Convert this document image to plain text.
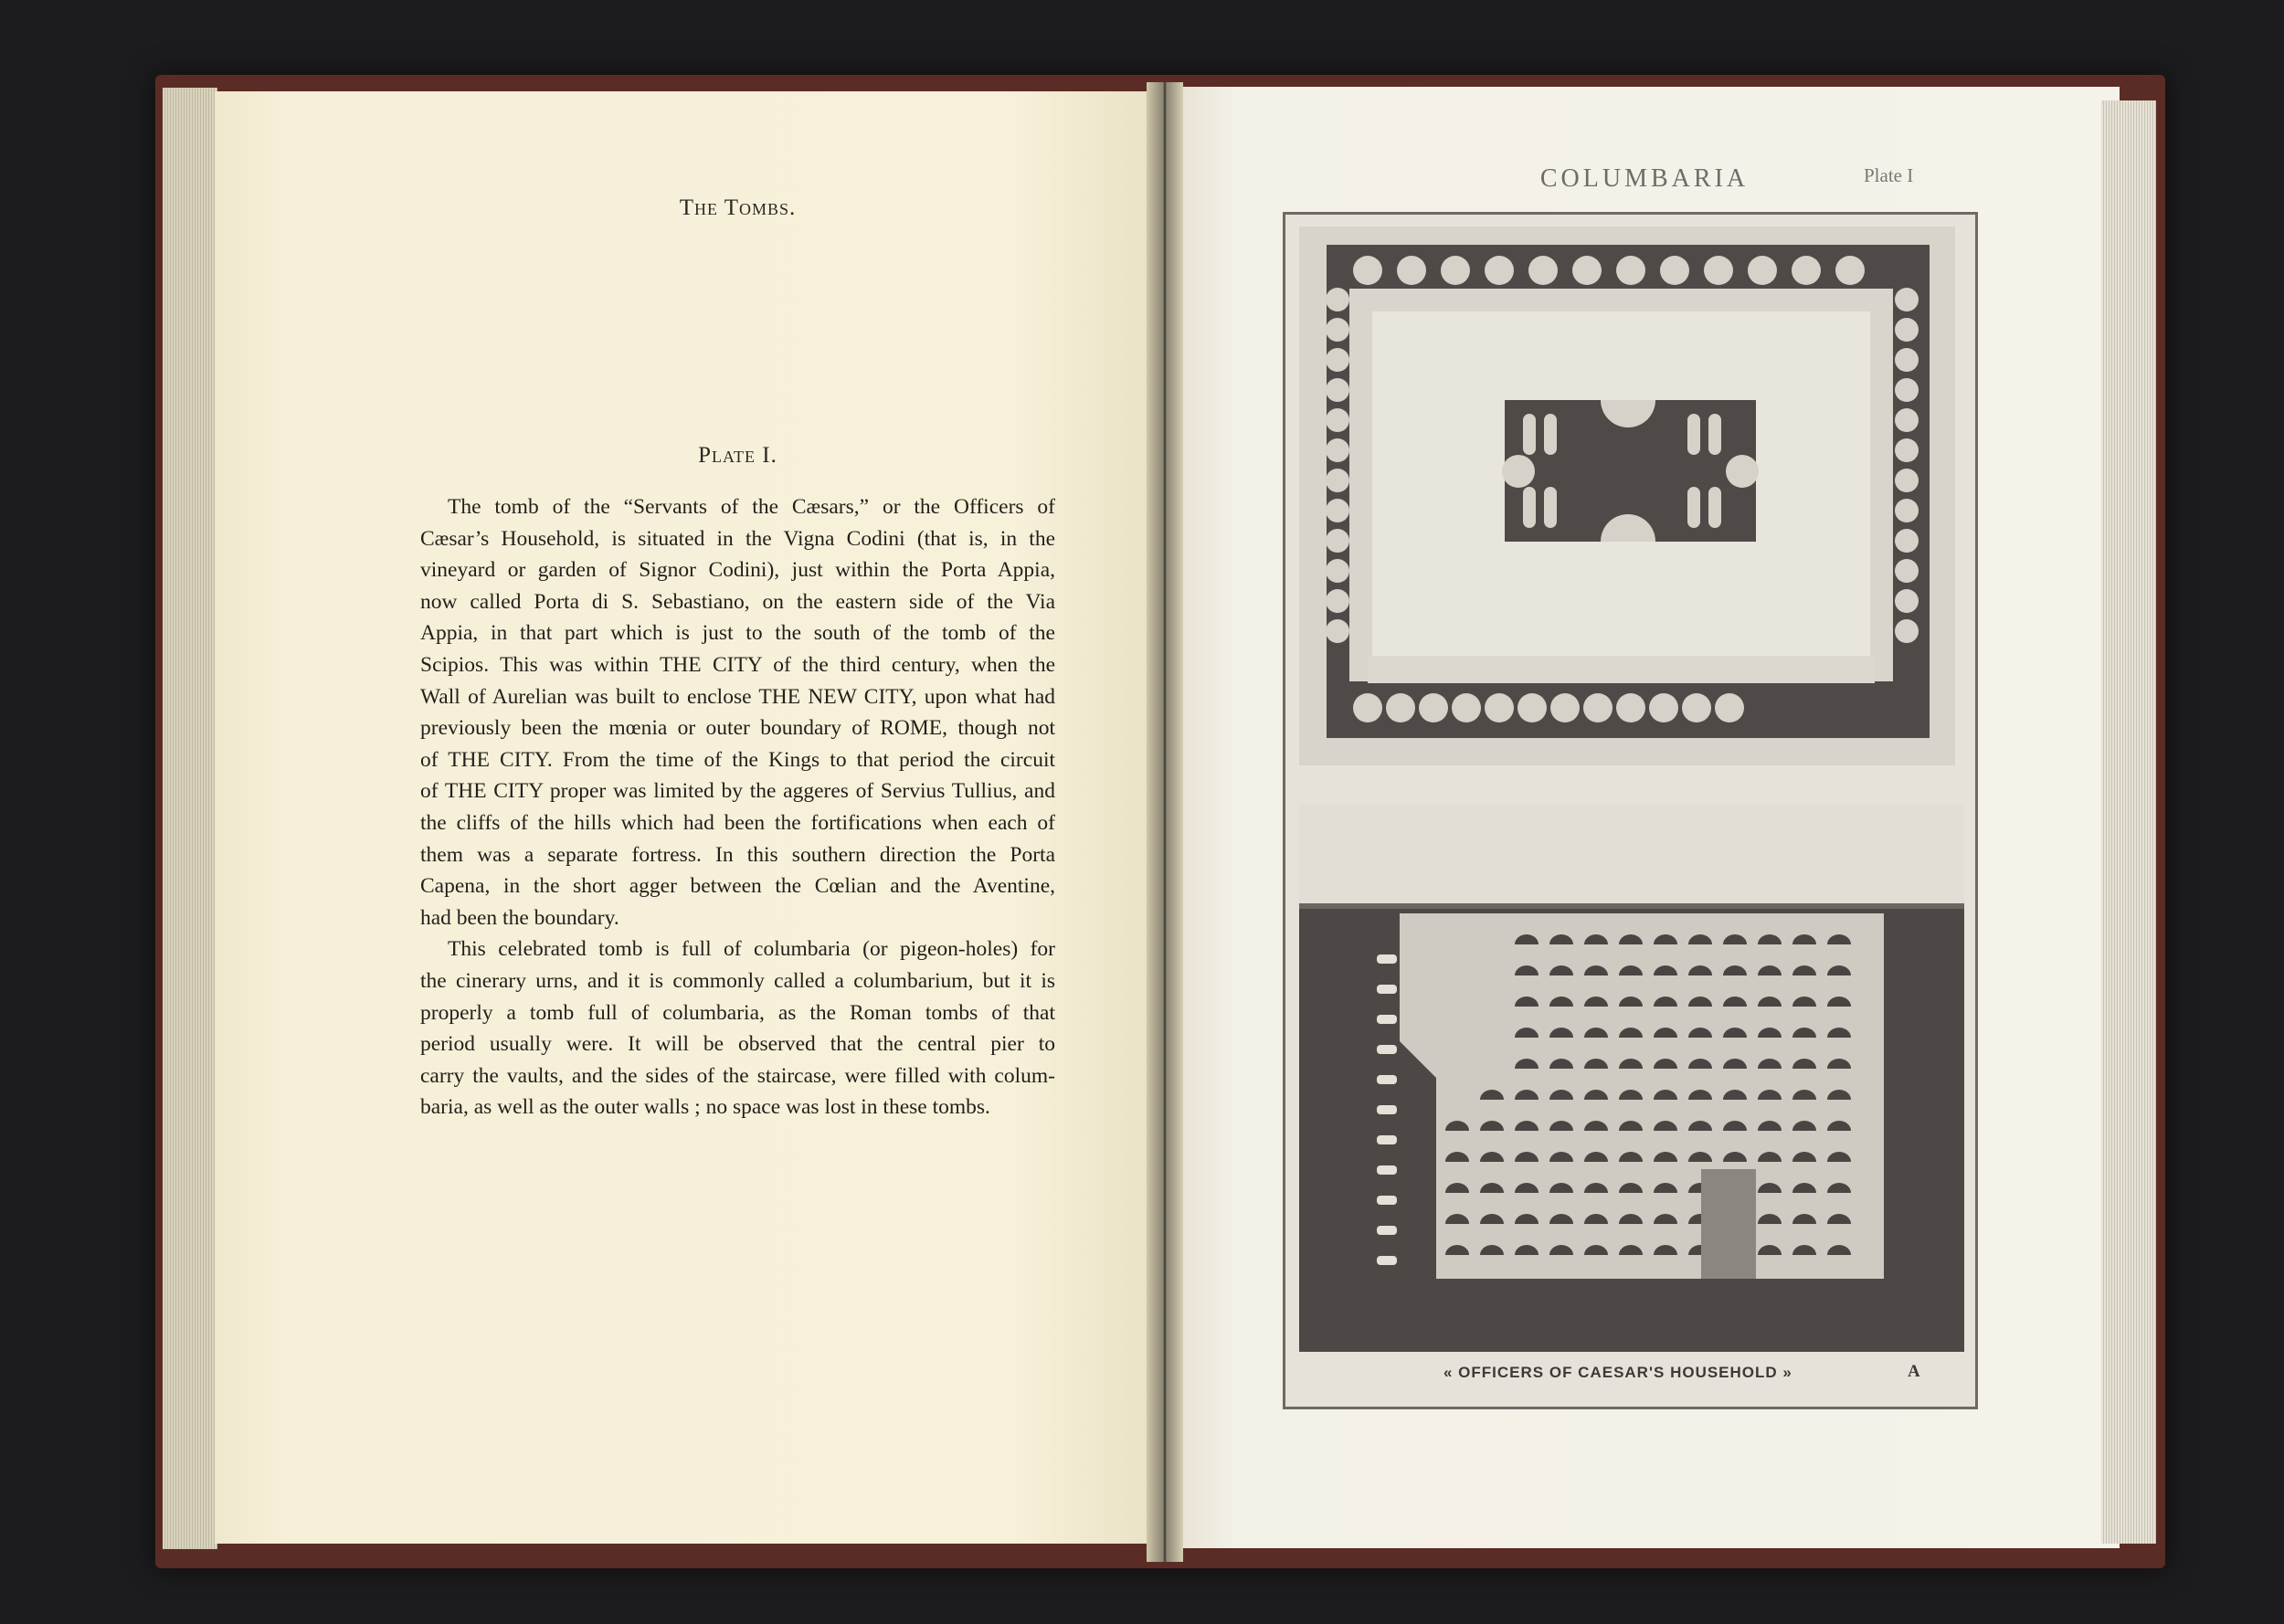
The Tombs.
Plate I.
The tomb of the “Servants of the Cæsars,” or the Officers of
Cæsar’s Household, is situated in the Vigna Codini (that is, in the
vineyard or garden of Signor Codini), just within the Porta Appia,
now called Porta di S. Sebastiano, on the eastern side of the Via
Appia, in that part which is just to the south of the tomb of the
Scipios. This was within THE CITY of the third century, when the
Wall of Aurelian was built to enclose THE NEW CITY, upon what had
previously been the mœnia or outer boundary of ROME, though not
of THE CITY. From the time of the Kings to that period the circuit
of THE CITY proper was limited by the aggeres of Servius Tullius, and
the cliffs of the hills which had been the fortifications when each of
them was a separate fortress. In this southern direction the Porta
Capena, in the short agger between the Cœlian and the Aventine,
had been the boundary.
This celebrated tomb is full of columbaria (or pigeon-holes) for
the cinerary urns, and it is commonly called a columbarium, but it is
properly a tomb full of columbaria, as the Roman tombs of that
period usually were. It will be observed that the central pier to
carry the vaults, and the sides of the staircase, were filled with colum-
baria, as well as the outer walls ; no space was lost in these tombs.
COLUMBARIA	Plate I
« OFFICERS OF CAESAR'S HOUSEHOLD »	A
